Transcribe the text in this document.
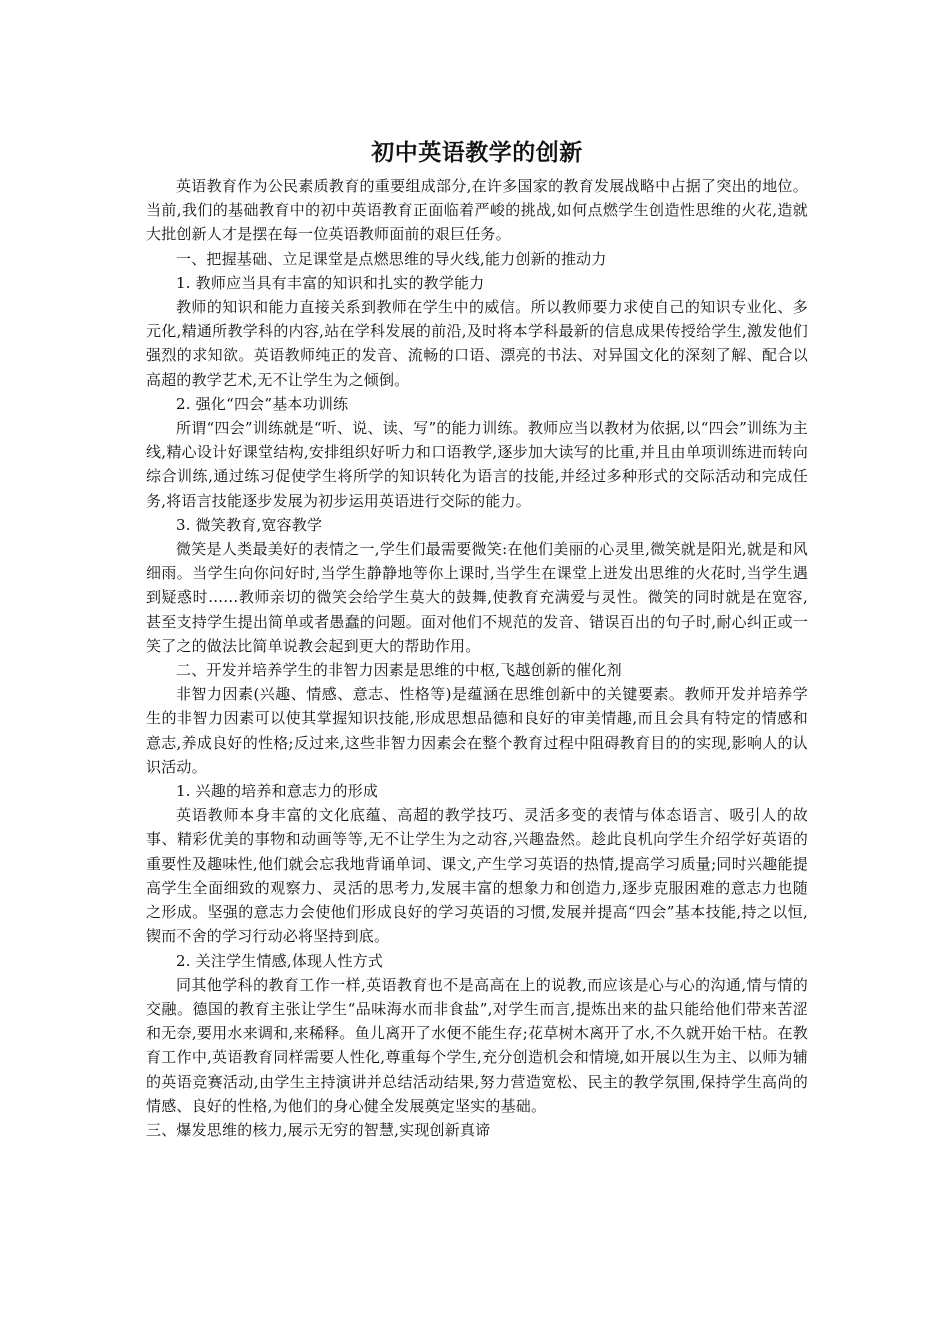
初中英语教学的创新

英语教育作为公民素质教育的重要组成部分,在许多国家的教育发展战略中占据了突出的地位。当前,我们的基础教育中的初中英语教育正面临着严峻的挑战,如何点燃学生创造性思维的火花,造就大批创新人才是摆在每一位英语教师面前的艰巨任务。

一、把握基础、立足课堂是点燃思维的导火线,能力创新的推动力

1. 教师应当具有丰富的知识和扎实的教学能力

教师的知识和能力直接关系到教师在学生中的威信。所以教师要力求使自己的知识专业化、多元化,精通所教学科的内容,站在学科发展的前沿,及时将本学科最新的信息成果传授给学生,激发他们强烈的求知欲。英语教师纯正的发音、流畅的口语、漂亮的书法、对异国文化的深刻了解、配合以高超的教学艺术,无不让学生为之倾倒。

2. 强化“四会”基本功训练

所谓“四会”训练就是“听、说、读、写”的能力训练。教师应当以教材为依据,以“四会”训练为主线,精心设计好课堂结构,安排组织好听力和口语教学,逐步加大读写的比重,并且由单项训练进而转向综合训练,通过练习促使学生将所学的知识转化为语言的技能,并经过多种形式的交际活动和完成任务,将语言技能逐步发展为初步运用英语进行交际的能力。

3. 微笑教育,宽容教学

微笑是人类最美好的表情之一,学生们最需要微笑:在他们美丽的心灵里,微笑就是阳光,就是和风细雨。当学生向你问好时,当学生静静地等你上课时,当学生在课堂上迸发出思维的火花时,当学生遇到疑惑时……教师亲切的微笑会给学生莫大的鼓舞,使教育充满爱与灵性。微笑的同时就是在宽容,甚至支持学生提出简单或者愚蠢的问题。面对他们不规范的发音、错误百出的句子时,耐心纠正或一笑了之的做法比简单说教会起到更大的帮助作用。

二、开发并培养学生的非智力因素是思维的中枢,飞越创新的催化剂

非智力因素(兴趣、情感、意志、性格等)是蕴涵在思维创新中的关键要素。教师开发并培养学生的非智力因素可以使其掌握知识技能,形成思想品德和良好的审美情趣,而且会具有特定的情感和意志,养成良好的性格;反过来,这些非智力因素会在整个教育过程中阻碍教育目的的实现,影响人的认识活动。

1. 兴趣的培养和意志力的形成

英语教师本身丰富的文化底蕴、高超的教学技巧、灵活多变的表情与体态语言、吸引人的故事、精彩优美的事物和动画等等,无不让学生为之动容,兴趣盎然。趁此良机向学生介绍学好英语的重要性及趣味性,他们就会忘我地背诵单词、课文,产生学习英语的热情,提高学习质量;同时兴趣能提高学生全面细致的观察力、灵活的思考力,发展丰富的想象力和创造力,逐步克服困难的意志力也随之形成。坚强的意志力会使他们形成良好的学习英语的习惯,发展并提高“四会”基本技能,持之以恒,锲而不舍的学习行动必将坚持到底。

2. 关注学生情感,体现人性方式

同其他学科的教育工作一样,英语教育也不是高高在上的说教,而应该是心与心的沟通,情与情的交融。德国的教育主张让学生“品味海水而非食盐”,对学生而言,提炼出来的盐只能给他们带来苦涩和无奈,要用水来调和,来稀释。鱼儿离开了水便不能生存;花草树木离开了水,不久就开始干枯。在教育工作中,英语教育同样需要人性化,尊重每个学生,充分创造机会和情境,如开展以生为主、以师为辅的英语竞赛活动,由学生主持演讲并总结活动结果,努力营造宽松、民主的教学氛围,保持学生高尚的情感、良好的性格,为他们的身心健全发展奠定坚实的基础。

三、爆发思维的核力,展示无穷的智慧,实现创新真谛
